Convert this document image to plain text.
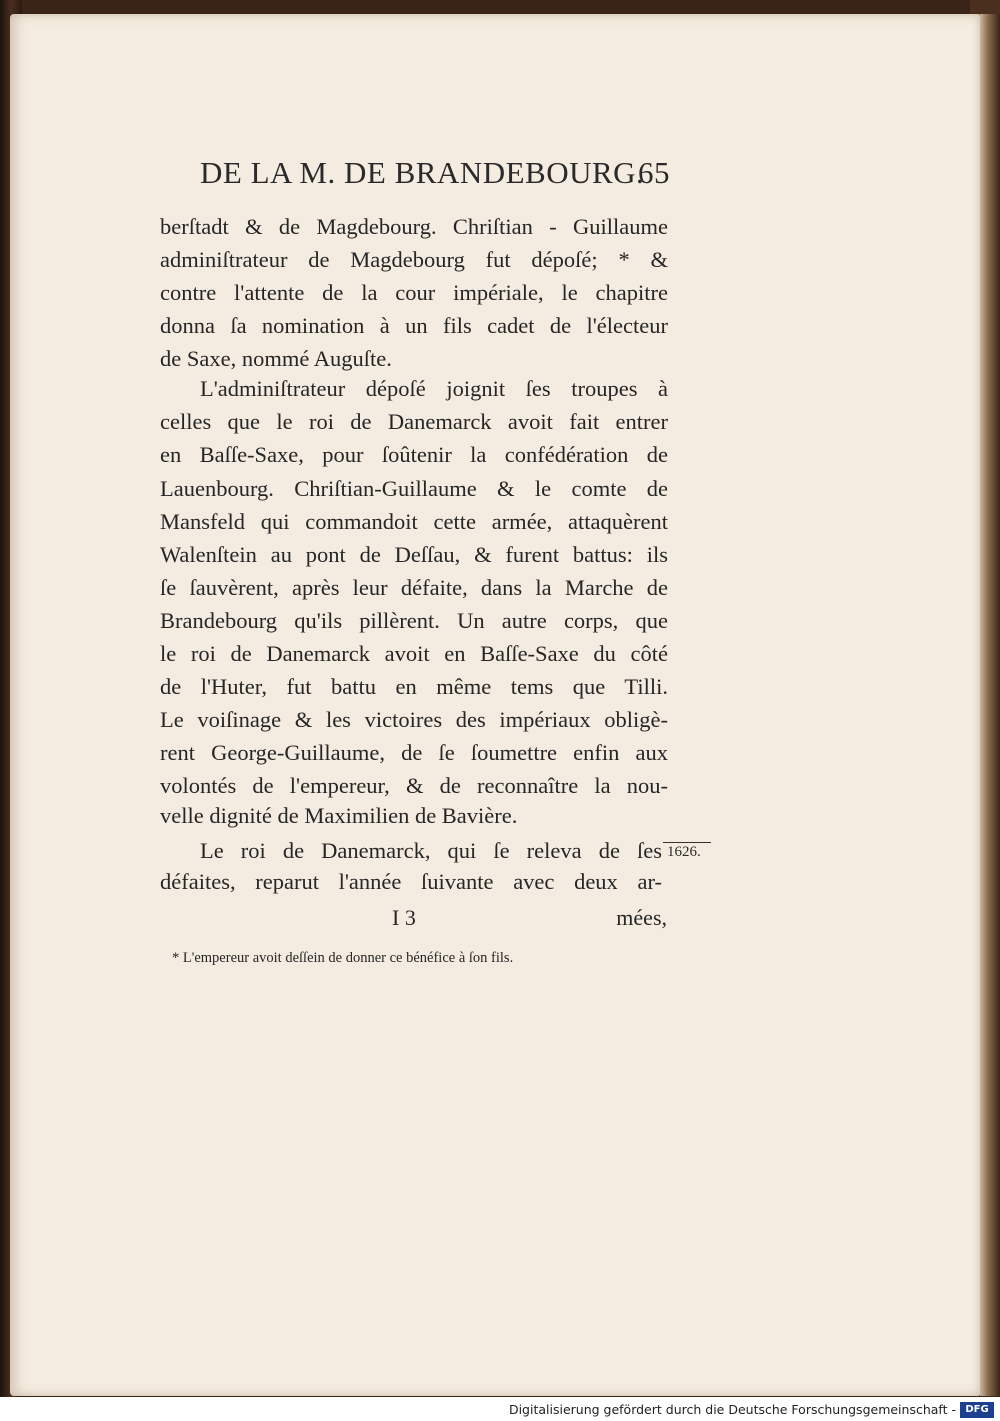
DE LA M. DE BRANDEBOURG.
65
berſtadt & de Magdebourg. Chriſtian - Guillaume
adminiſtrateur de Magdebourg fut dépoſé; * &
contre l'attente de la cour impériale, le chapitre
donna ſa nomination à un fils cadet de l'électeur
de Saxe, nommé Auguſte.
L'adminiſtrateur dépoſé joignit ſes troupes à
celles que le roi de Danemarck avoit fait entrer
en Baſſe-Saxe, pour ſoûtenir la confédération de
Lauenbourg. Chriſtian-Guillaume & le comte de
Mansfeld qui commandoit cette armée, attaquèrent
Walenſtein au pont de Deſſau, & furent battus: ils
ſe ſauvèrent, après leur défaite, dans la Marche de
Brandebourg qu'ils pillèrent. Un autre corps, que
le roi de Danemarck avoit en Baſſe-Saxe du côté
de l'Huter, fut battu en même tems que Tilli.
Le voiſinage & les victoires des impériaux obligè-
rent George-Guillaume, de ſe ſoumettre enfin aux
volontés de l'empereur, & de reconnaître la nou-
velle dignité de Maximilien de Bavière.
Le roi de Danemarck, qui ſe releva de ſes
défaites, reparut l'année ſuivante avec deux ar-
1626.
I 3	mées,
* L'empereur avoit deſſein de donner ce bénéfice à ſon fils.
Digitalisierung gefördert durch die Deutsche Forschungsgemeinschaft - DFG
